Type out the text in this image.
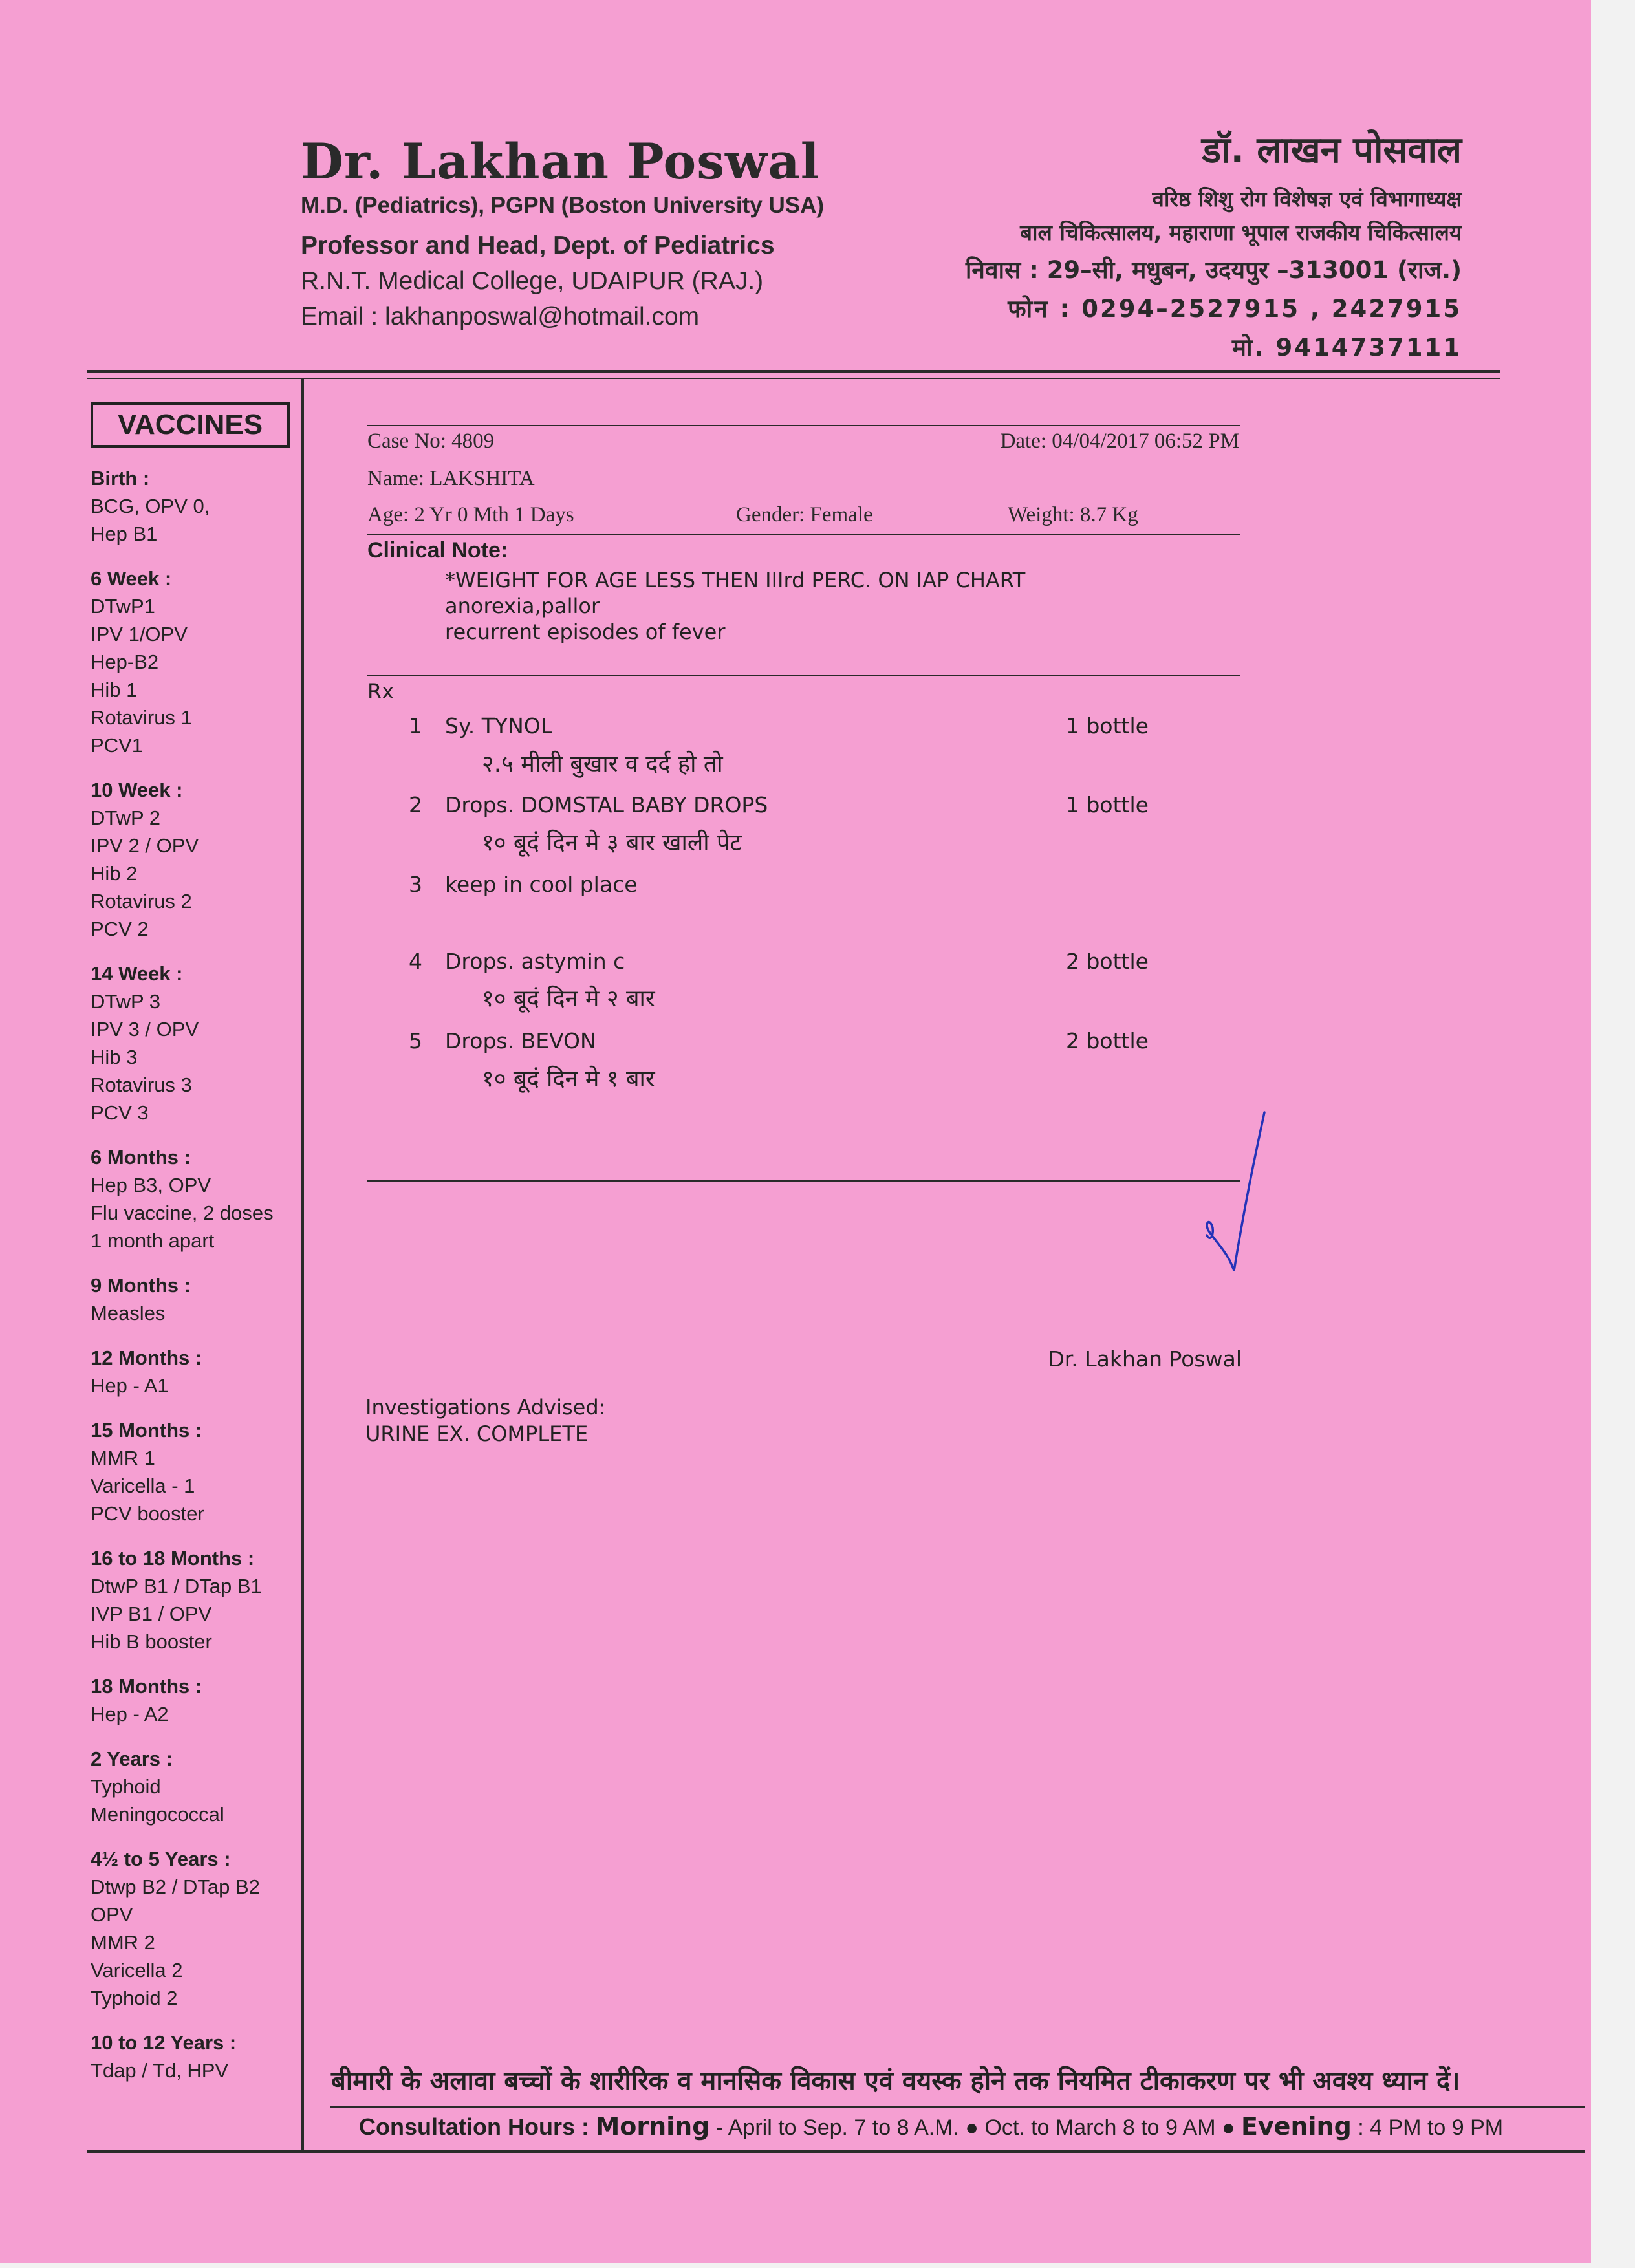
Dr. Lakhan Poswal
M.D. (Pediatrics), PGPN (Boston University USA)
Professor and Head, Dept. of Pediatrics
R.N.T. Medical College, UDAIPUR (RAJ.)
Email : lakhanposwal@hotmail.com
डॉ. लाखन पोसवाल
वरिष्ठ शिशु रोग विशेषज्ञ एवं विभागाध्यक्ष
बाल चिकित्सालय, महाराणा भूपाल राजकीय चिकित्सालय
निवास : 29–सी, मधुबन, उदयपुर –313001 (राज.)
फोन : 0294–2527915 , 2427915
मो. 9414737111
VACCINES
Birth :
BCG, OPV 0,
Hep B1
6 Week :
DTwP1
IPV 1/OPV
Hep-B2
Hib 1
Rotavirus 1
PCV1
10 Week :
DTwP 2
IPV 2 / OPV
Hib 2
Rotavirus 2
PCV 2
14 Week :
DTwP 3
IPV 3 / OPV
Hib 3
Rotavirus 3
PCV 3
6 Months :
Hep B3, OPV
Flu vaccine, 2 doses
1 month apart
9 Months :
Measles
12 Months :
Hep - A1
15 Months :
MMR 1
Varicella - 1
PCV booster
16 to 18 Months :
DtwP B1 / DTap B1
IVP B1 / OPV
Hib B booster
18 Months :
Hep - A2
2 Years :
Typhoid
Meningococcal
4½ to 5 Years :
Dtwp B2 / DTap B2
OPV
MMR 2
Varicella 2
Typhoid 2
10 to 12 Years :
Tdap / Td, HPV
Case No: 4809	Date: 04/04/2017 06:52 PM
Name: LAKSHITA
Age: 2 Yr 0 Mth 1 Days	Gender: Female	Weight: 8.7 Kg
Clinical Note:
*WEIGHT FOR AGE LESS THEN IIIrd PERC. ON IAP CHART
anorexia,pallor
recurrent episodes of fever
Rx
1 Sy. TYNOL	1 bottle
२.५ मीली बुखार व दर्द हो तो
2 Drops. DOMSTAL BABY DROPS	1 bottle
१० बूदं दिन मे ३ बार खाली पेट
3 keep in cool place
4 Drops. astymin c	2 bottle
१० बूदं दिन मे २ बार
5 Drops. BEVON	2 bottle
१० बूदं दिन मे १ बार
Dr. Lakhan Poswal
Investigations Advised:
URINE EX. COMPLETE
बीमारी के अलावा बच्चों के शारीरिक व मानसिक विकास एवं वयस्क होने तक नियमित टीकाकरण पर भी अवश्य ध्यान दें।
Consultation Hours : Morning - April to Sep. 7 to 8 A.M. ● Oct. to March 8 to 9 AM ● Evening : 4 PM to 9 PM
